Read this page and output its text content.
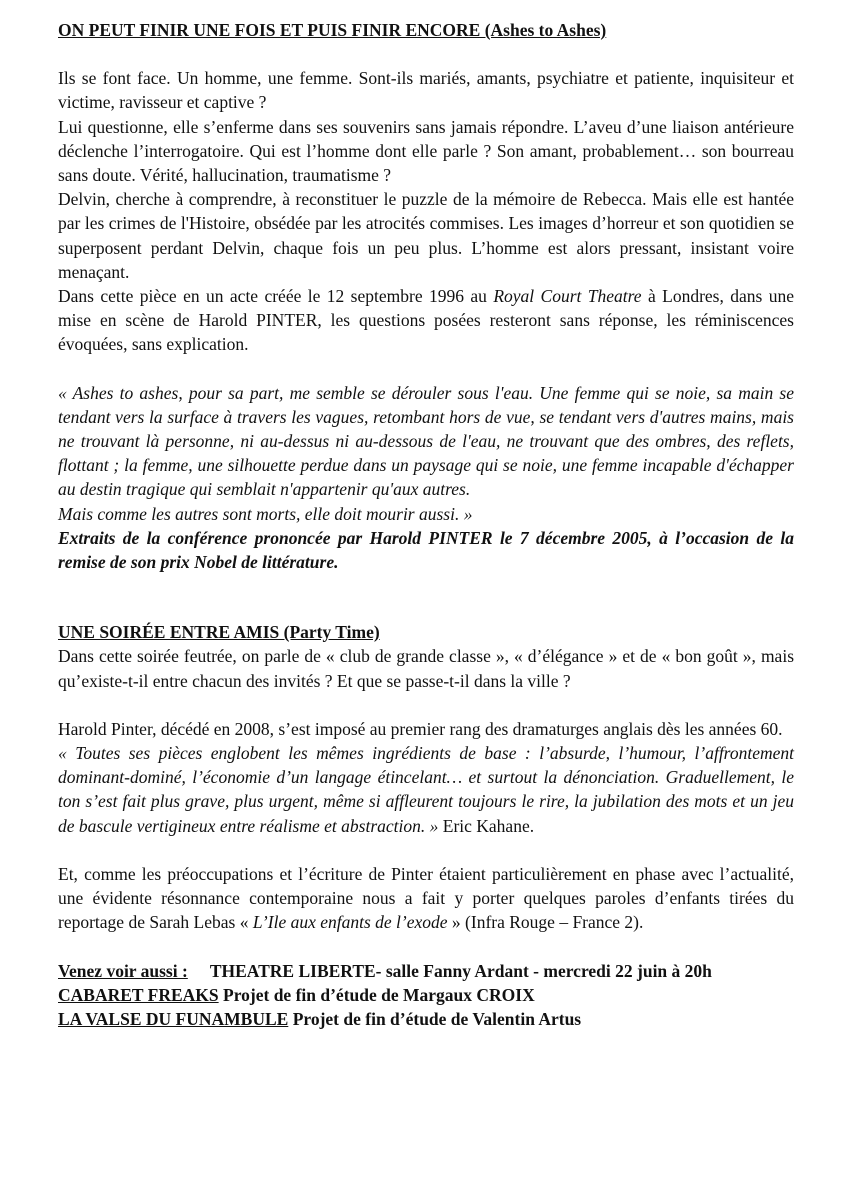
ON PEUT FINIR UNE FOIS ET PUIS FINIR ENCORE (Ashes to Ashes)

Ils se font face. Un homme, une femme. Sont-ils mariés, amants, psychiatre et patiente, inquisiteur et victime, ravisseur et captive ?

Lui questionne, elle s’enferme dans ses souvenirs sans jamais répondre. L’aveu d’une liaison antérieure déclenche l’interrogatoire. Qui est l’homme dont elle parle ? Son amant, probablement… son bourreau sans doute. Vérité, hallucination, traumatisme ?

Delvin, cherche à comprendre, à reconstituer le puzzle de la mémoire de Rebecca. Mais elle est hantée par les crimes de l'Histoire, obsédée par les atrocités commises. Les images d’horreur et son quotidien se superposent perdant Delvin, chaque fois un peu plus. L’homme est alors pressant, insistant voire menaçant.

Dans cette pièce en un acte créée le 12 septembre 1996 au Royal Court Theatre à Londres, dans une mise en scène de Harold PINTER, les questions posées resteront sans réponse, les réminiscences évoquées, sans explication.

« Ashes to ashes, pour sa part, me semble se dérouler sous l'eau. Une femme qui se noie, sa main se tendant vers la surface à travers les vagues, retombant hors de vue, se tendant vers d'autres mains, mais ne trouvant là personne, ni au-dessus ni au-dessous de l'eau, ne trouvant que des ombres, des reflets, flottant ; la femme, une silhouette perdue dans un paysage qui se noie, une femme incapable d'échapper au destin tragique qui semblait n'appartenir qu'aux autres.

Mais comme les autres sont morts, elle doit mourir aussi. »

Extraits de la conférence prononcée par Harold PINTER le 7 décembre 2005, à l’occasion de la remise de son prix Nobel de littérature.

UNE SOIRÉE ENTRE AMIS (Party Time)

Dans cette soirée feutrée, on parle de « club de grande classe », « d’élégance » et de « bon goût », mais qu’existe-t-il entre chacun des invités ? Et que se passe-t-il dans la ville ?

Harold Pinter, décédé en 2008, s’est imposé au premier rang des dramaturges anglais dès les années 60.

« Toutes ses pièces englobent les mêmes ingrédients de base : l’absurde, l’humour, l’affrontement dominant-dominé, l’économie d’un langage étincelant… et surtout la dénonciation. Graduellement, le ton s’est fait plus grave, plus urgent, même si affleurent toujours le rire, la jubilation des mots et un jeu de bascule vertigineux entre réalisme et abstraction. » Eric Kahane.

Et, comme les préoccupations et l’écriture de Pinter étaient particulièrement en phase avec l’actualité, une évidente résonnance contemporaine nous a fait y porter quelques paroles d’enfants tirées du reportage de Sarah Lebas « L’Ile aux enfants de l’exode » (Infra Rouge – France 2).

Venez voir aussi : THEATRE LIBERTE- salle Fanny Ardant - mercredi 22 juin à 20h

CABARET FREAKS Projet de fin d’étude de Margaux CROIX

LA VALSE DU FUNAMBULE Projet de fin d’étude de Valentin Artus
